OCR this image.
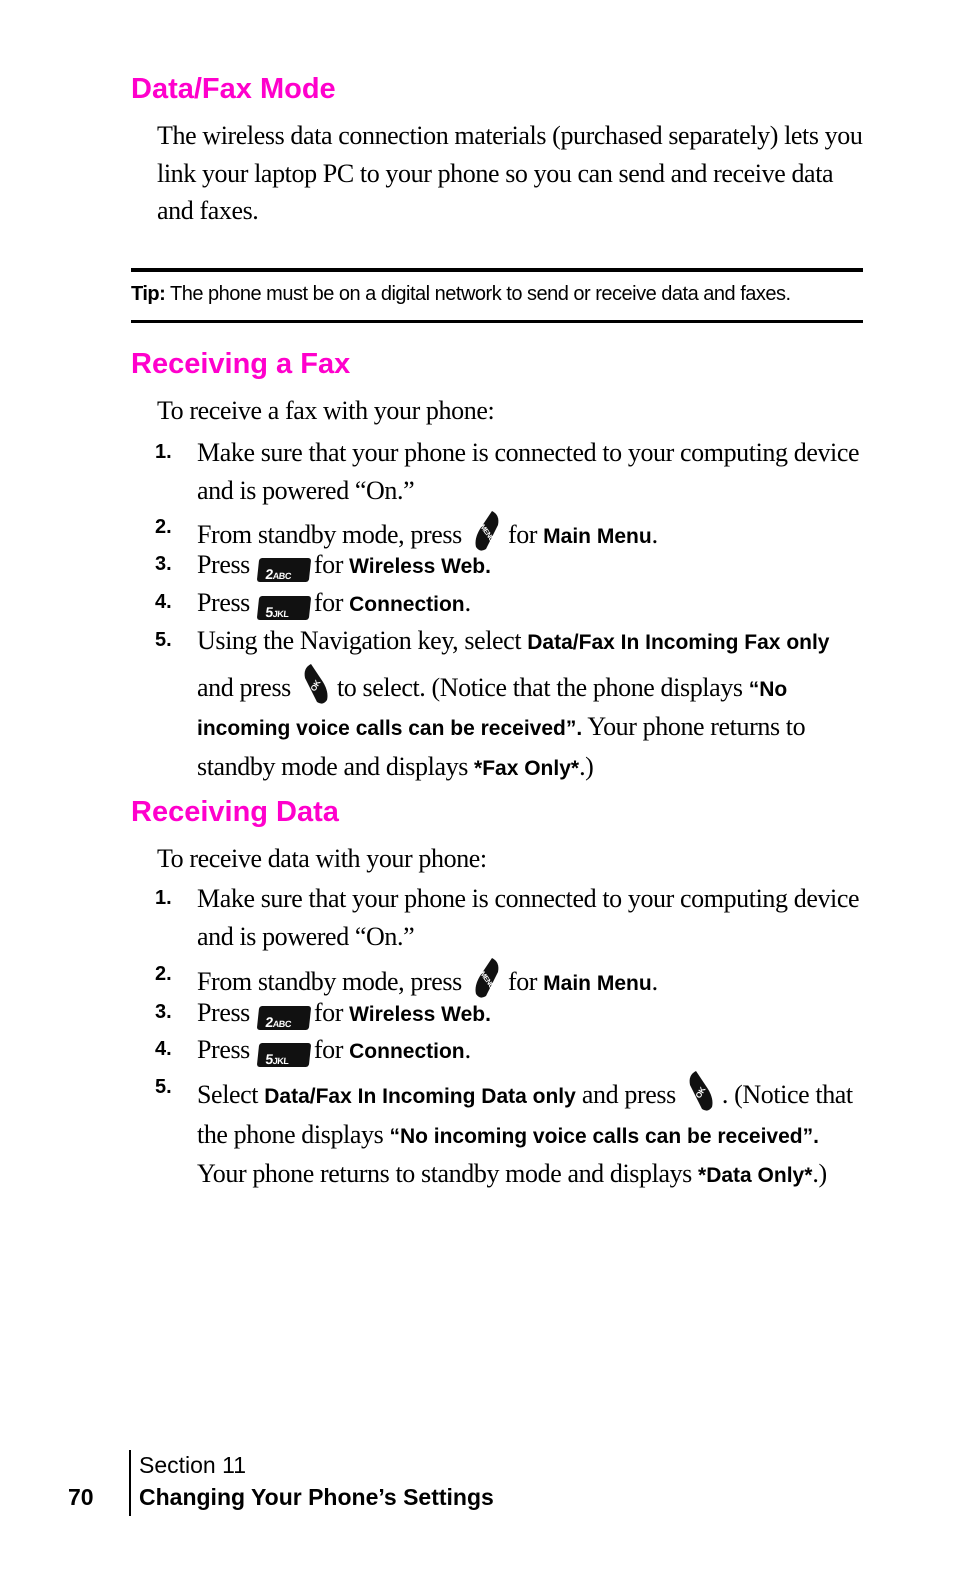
Data/Fax Mode

The wireless data connection materials (purchased separately) lets you link your laptop PC to your phone so you can send and receive data and faxes.

Tip: The phone must be on a digital network to send or receive data and faxes.
Receiving a Fax

To receive a fax with your phone:

1. Make sure that your phone is connected to your computing device and is powered “On.”
2. From standby mode, press MENU for Main Menu.
3. Press 2ABC for Wireless Web.
4. Press 5JKL for Connection.
5. Using the Navigation key, select Data/Fax In Incoming Fax only and press OK to select. (Notice that the phone displays “No incoming voice calls can be received”. Your phone returns to standby mode and displays *Fax Only*.)
Receiving Data

To receive data with your phone:

1. Make sure that your phone is connected to your computing device and is powered “On.”
2. From standby mode, press MENU for Main Menu.
3. Press 2ABC for Wireless Web.
4. Press 5JKL for Connection.
5. Select Data/Fax In Incoming Data only and press OK . (Notice that the phone displays “No incoming voice calls can be received”. Your phone returns to standby mode and displays *Data Only*.)
70
Section 11
Changing Your Phone’s Settings
